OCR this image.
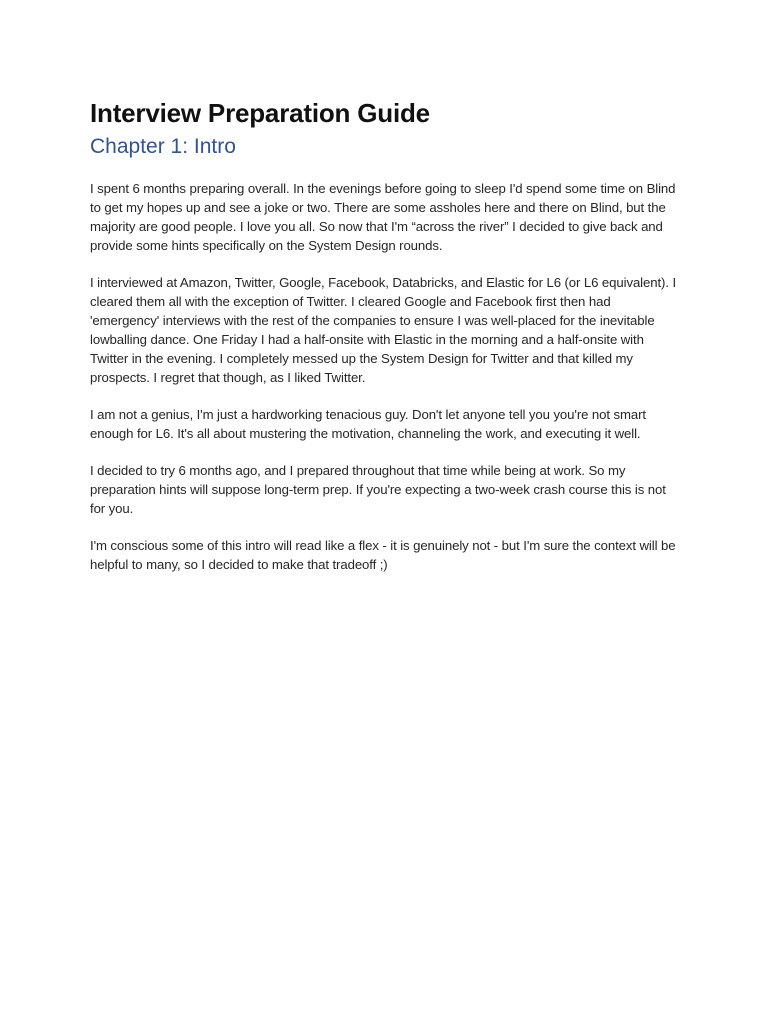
Interview Preparation Guide
Chapter 1: Intro

I spent 6 months preparing overall. In the evenings before going to sleep I'd spend some time on Blind to get my hopes up and see a joke or two. There are some assholes here and there on Blind, but the majority are good people. I love you all. So now that I'm “across the river” I decided to give back and provide some hints specifically on the System Design rounds.

I interviewed at Amazon, Twitter, Google, Facebook, Databricks, and Elastic for L6 (or L6 equivalent). I cleared them all with the exception of Twitter. I cleared Google and Facebook first then had 'emergency' interviews with the rest of the companies to ensure I was well-placed for the inevitable lowballing dance. One Friday I had a half-onsite with Elastic in the morning and a half-onsite with Twitter in the evening. I completely messed up the System Design for Twitter and that killed my prospects. I regret that though, as I liked Twitter.

I am not a genius, I'm just a hardworking tenacious guy. Don't let anyone tell you you're not smart enough for L6. It's all about mustering the motivation, channeling the work, and executing it well.

I decided to try 6 months ago, and I prepared throughout that time while being at work. So my preparation hints will suppose long-term prep. If you're expecting a two-week crash course this is not for you.

I'm conscious some of this intro will read like a flex - it is genuinely not - but I'm sure the context will be helpful to many, so I decided to make that tradeoff ;)
